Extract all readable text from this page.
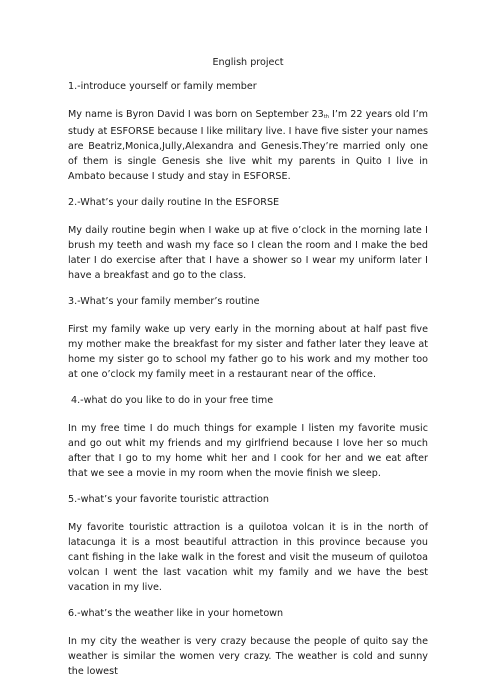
English project
1.-introduce yourself or family member
My name is Byron David I was born on September 23th I’m 22 years old I’m study at ESFORSE because I like military live. I have five sister your names are Beatriz,Monica,Jully,Alexandra and Genesis.They’re married only one of them is single Genesis she live whit my parents in Quito I live in Ambato because I study and stay in ESFORSE.
2.-What’s your daily routine In the ESFORSE
My daily routine begin when I wake up at five o’clock in the morning late I brush my teeth and wash my face so I clean the room and I make the bed later I do exercise after that I have a shower so I wear my uniform later I have a breakfast and go to the class.
3.-What’s your family member’s routine
First my family wake up very early in the morning about at half past five my mother make the breakfast for my sister and father later they leave at home my sister go to school my father go to his work and my mother too at one o’clock my family meet in a restaurant near of the office.
4.-what do you like to do in your free time
In my free time I do much things for example I listen my favorite music and go out whit my friends and my girlfriend because I love her so much after that I go to my home whit her and I cook for her and we eat after that we see a movie in my room when the movie finish we sleep.
5.-what’s your favorite touristic attraction
My favorite touristic attraction is a quilotoa volcan it is in the north of latacunga it is a most beautiful attraction in this province because you cant fishing in the lake walk in the forest and visit the museum of quilotoa volcan I went the last vacation whit my family and we have the best vacation in my live.
6.-what’s the weather like in your hometown
In my city the weather is very crazy because the people of quito say the weather is similar the women very crazy. The weather is cold and sunny the lowest
